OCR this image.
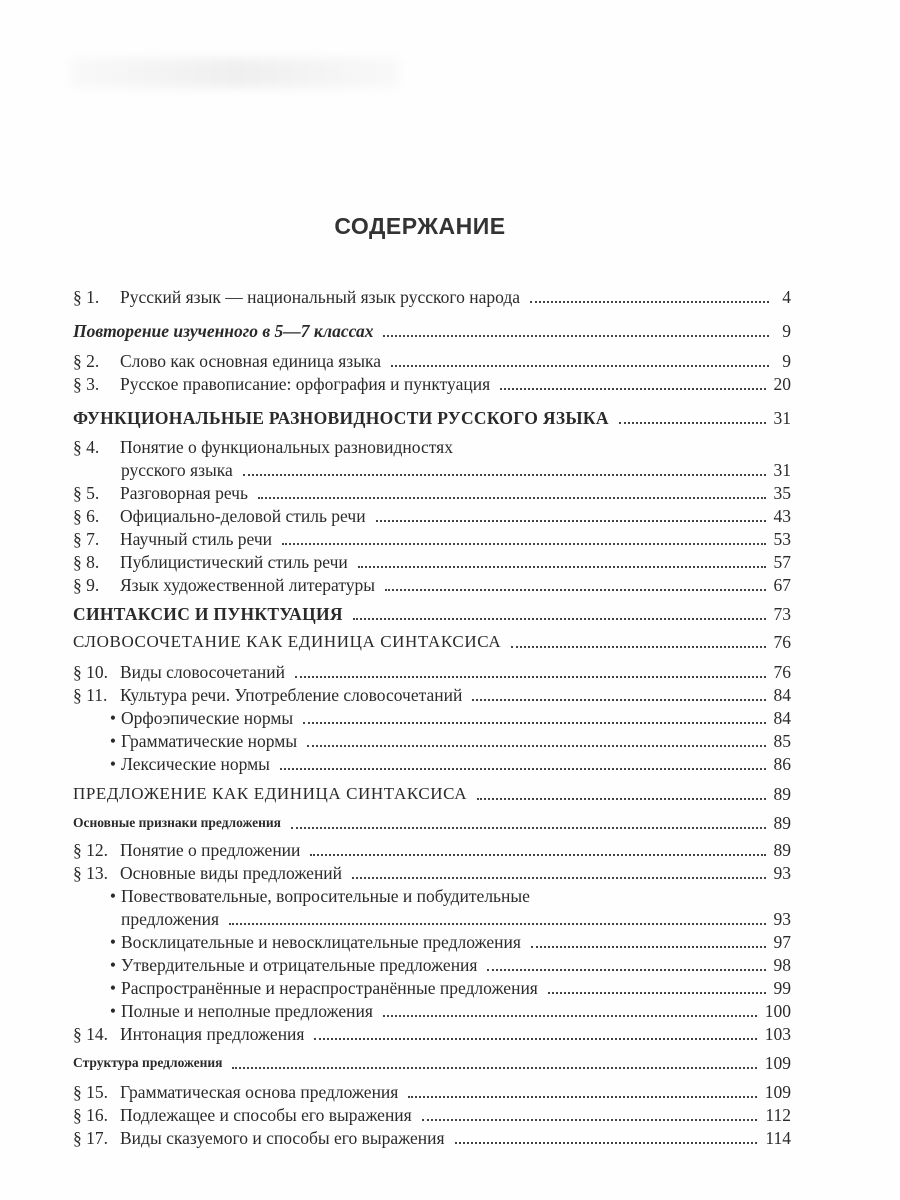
СОДЕРЖАНИЕ
§ 1.	Русский язык — национальный язык русского народа	4
Повторение изученного в 5—7 классах	9
§ 2.	Слово как основная единица языка	9
§ 3.	Русское правописание: орфография и пунктуация	20
ФУНКЦИОНАЛЬНЫЕ РАЗНОВИДНОСТИ РУССКОГО ЯЗЫКА	31
§ 4.	Понятие о функциональных разновидностях
русского языка	31
§ 5.	Разговорная речь	35
§ 6.	Официально-деловой стиль речи	43
§ 7.	Научный стиль речи	53
§ 8.	Публицистический стиль речи	57
§ 9.	Язык художественной литературы	67
СИНТАКСИС И ПУНКТУАЦИЯ	73
СЛОВОСОЧЕТАНИЕ КАК ЕДИНИЦА СИНТАКСИСА	76
§ 10. Виды словосочетаний	76
§ 11. Культура речи. Употребление словосочетаний	84
• Орфоэпические нормы	84
• Грамматические нормы	85
• Лексические нормы	86
ПРЕДЛОЖЕНИЕ КАК ЕДИНИЦА СИНТАКСИСА	89
Основные признаки предложения	89
§ 12. Понятие о предложении	89
§ 13. Основные виды предложений	93
• Повествовательные, вопросительные и побудительные
предложения	93
• Восклицательные и невосклицательные предложения	97
• Утвердительные и отрицательные предложения	98
• Распространённые и нераспространённые предложения	99
• Полные и неполные предложения	100
§ 14. Интонация предложения	103
Структура предложения	109
§ 15. Грамматическая основа предложения	109
§ 16. Подлежащее и способы его выражения	112
§ 17. Виды сказуемого и способы его выражения	114
